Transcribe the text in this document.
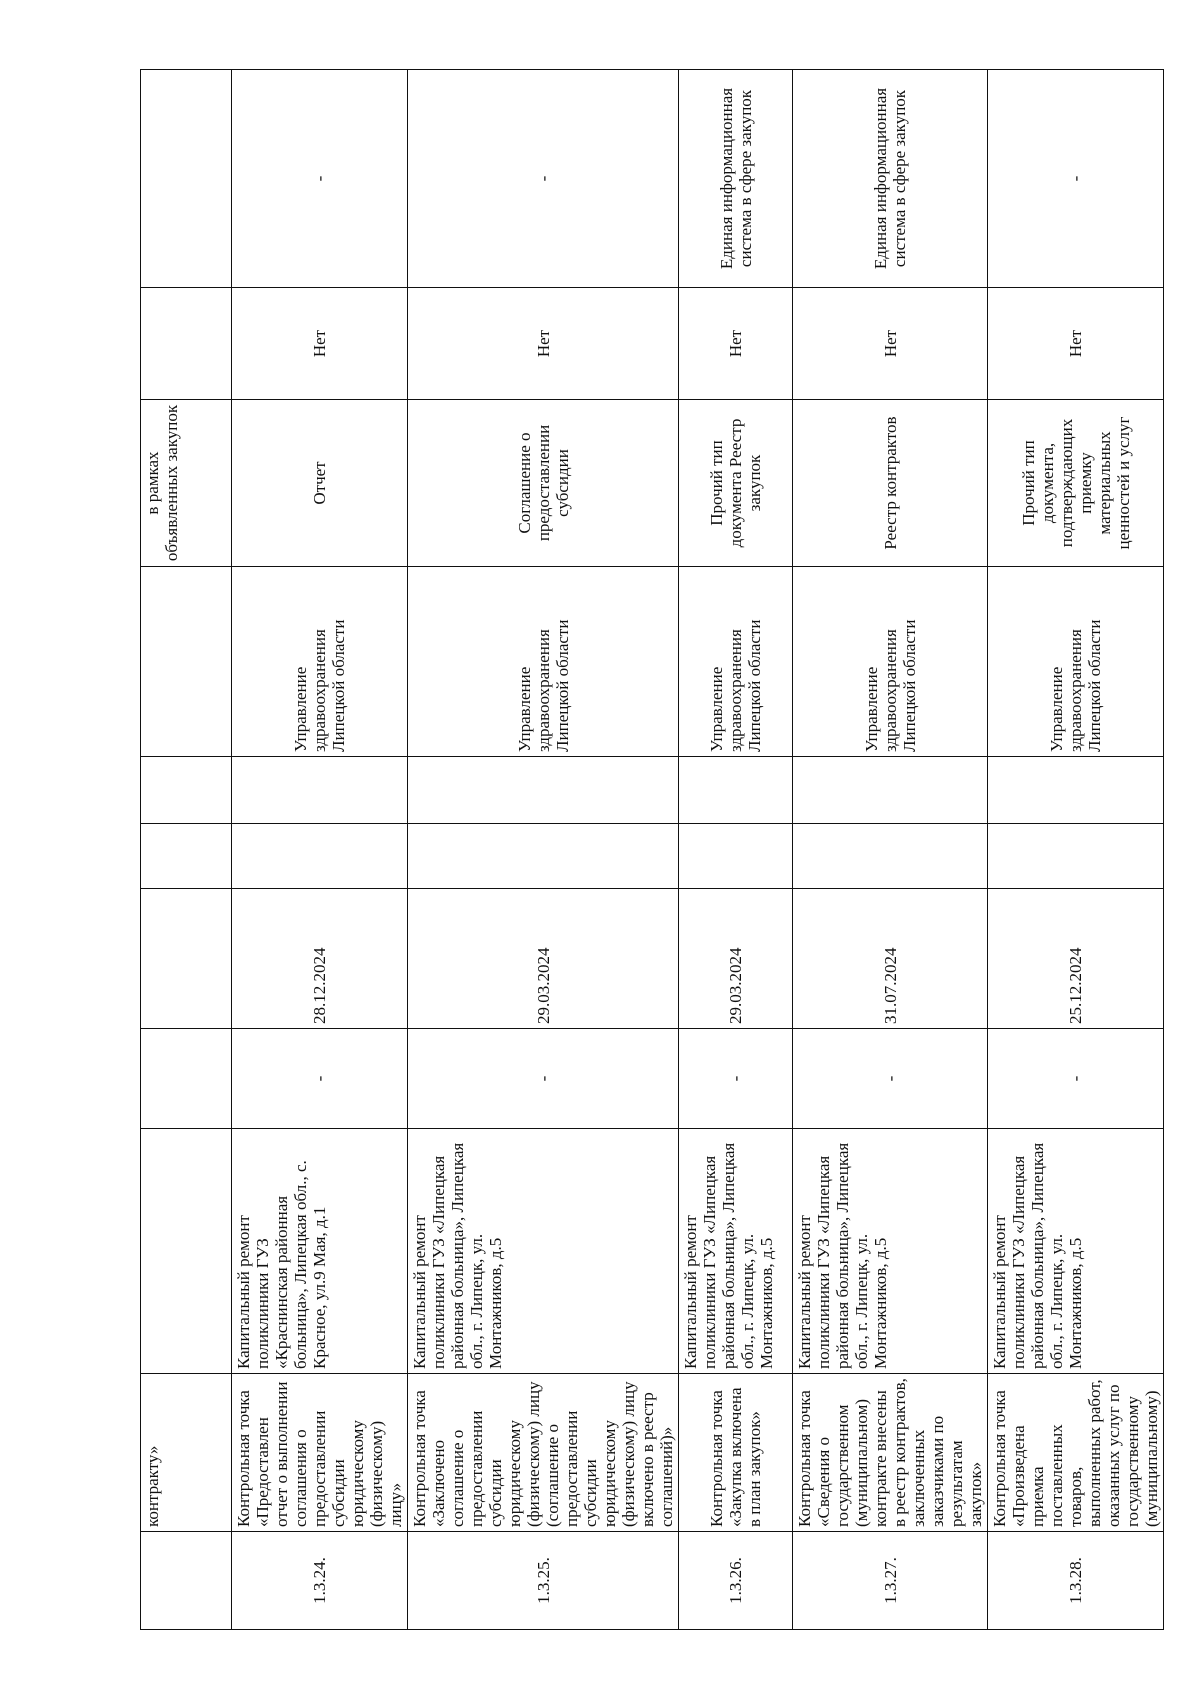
	контракту»							в рамках объявленных закупок		
1.3.24.	Контрольная точка «Предоставлен отчет о выполнении соглашения о предоставлении субсидии юридическому (физическому) лицу»	Капитальный ремонт поликлиники ГУЗ «Краснинская районная больница», Липецкая обл., с. Красное, ул.9 Мая, д.1	-	28.12.2024			Управление здравоохранения Липецкой области	Отчет	Нет	-
1.3.25.	Контрольная точка «Заключено соглашение о предоставлении субсидии юридическому (физическому) лицу (соглашение о предоставлении субсидии юридическому (физическому) лицу включено в реестр соглашений)»	Капитальный ремонт поликлиники ГУЗ «Липецкая районная больница», Липецкая обл., г. Липецк, ул. Монтажников, д.5	-	29.03.2024			Управление здравоохранения Липецкой области	Соглашение о предоставлении субсидии	Нет	-
1.3.26.	Контрольная точка «Закупка включена в план закупок»	Капитальный ремонт поликлиники ГУЗ «Липецкая районная больница», Липецкая обл., г. Липецк, ул. Монтажников, д.5	-	29.03.2024			Управление здравоохранения Липецкой области	Прочий тип документа Реестр закупок	Нет	Единая информационная система в сфере закупок
1.3.27.	Контрольная точка «Сведения о государственном (муниципальном) контракте внесены в реестр контрактов, заключенных заказчиками по результатам закупок»	Капитальный ремонт поликлиники ГУЗ «Липецкая районная больница», Липецкая обл., г. Липецк, ул. Монтажников, д.5	-	31.07.2024			Управление здравоохранения Липецкой области	Реестр контрактов	Нет	Единая информационная система в сфере закупок
1.3.28.	Контрольная точка «Произведена приемка поставленных товаров, выполненных работ, оказанных услуг по государственному (муниципальному)	Капитальный ремонт поликлиники ГУЗ «Липецкая районная больница», Липецкая обл., г. Липецк, ул. Монтажников, д.5	-	25.12.2024			Управление здравоохранения Липецкой области	Прочий тип документа, подтверждающих приемку материальных ценностей и услуг	Нет	-
